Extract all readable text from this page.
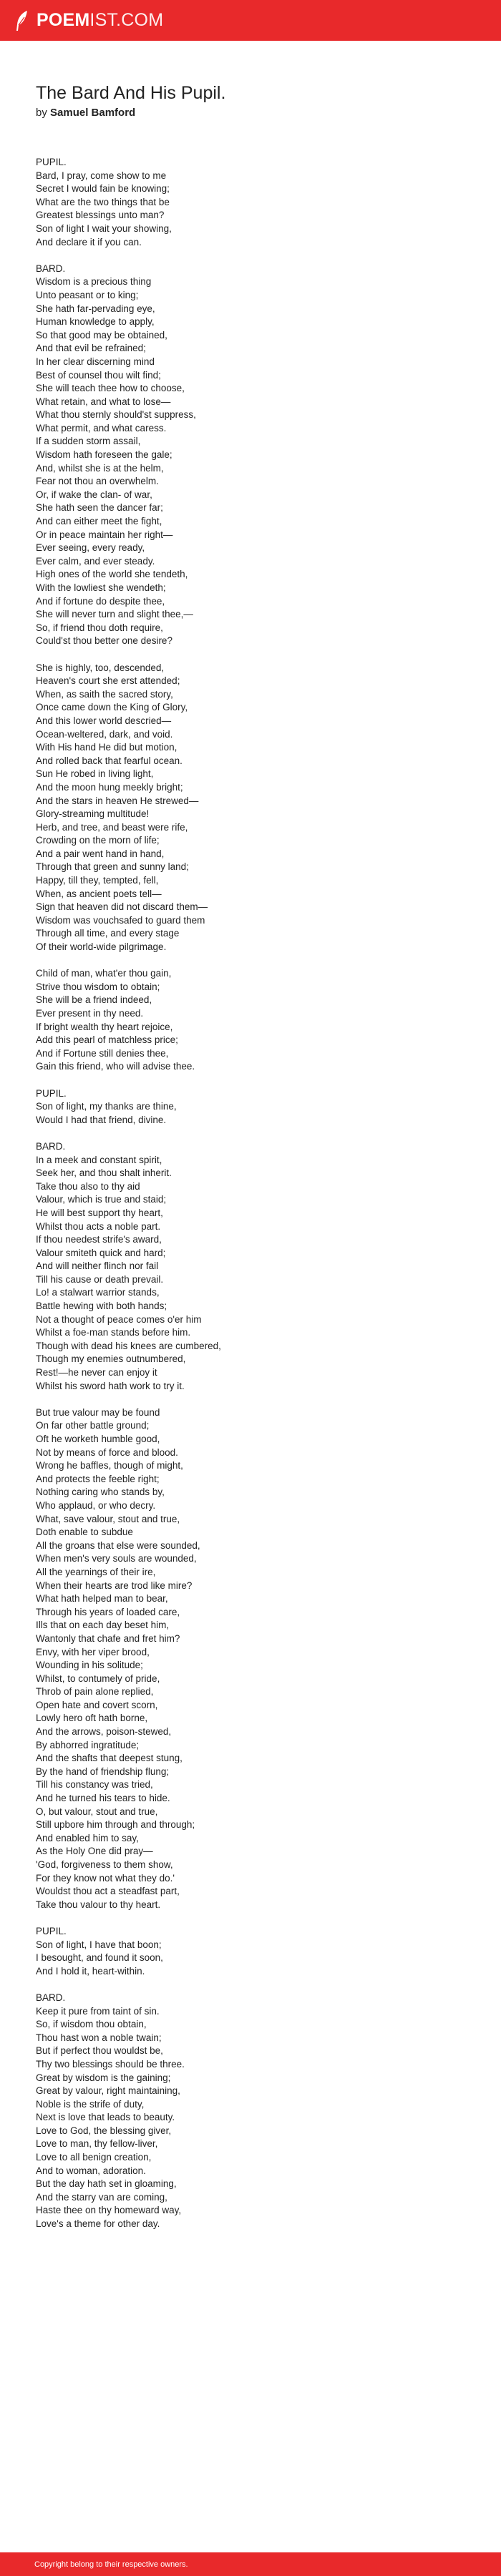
POEMIST.COM
The Bard And His Pupil.
by Samuel Bamford
PUPIL.
Bard, I pray, come show to me
Secret I would fain be knowing;
What are the two things that be
Greatest blessings unto man?
Son of light I wait your showing,
And declare it if you can.
BARD.
Wisdom is a precious thing
Unto peasant or to king;
She hath far-pervading eye,
Human knowledge to apply,
So that good may be obtained,
And that evil be refrained;
In her clear discerning mind
Best of counsel thou wilt find;
She will teach thee how to choose,
What retain, and what to lose—
What thou sternly should'st suppress,
What permit, and what caress.
If a sudden storm assail,
Wisdom hath foreseen the gale;
And, whilst she is at the helm,
Fear not thou an overwhelm.
Or, if wake the clan- of war,
She hath seen the dancer far;
And can either meet the fight,
Or in peace maintain her right—
Ever seeing, every ready,
Ever calm, and ever steady.
High ones of the world she tendeth,
With the lowliest she wendeth;
And if fortune do despite thee,
She will never turn and slight thee,—
So, if friend thou doth require,
Could'st thou better one desire?
She is highly, too, descended,
Heaven's court she erst attended;
When, as saith the sacred story,
Once came down the King of Glory,
And this lower world descried—
Ocean-weltered, dark, and void.
With His hand He did but motion,
And rolled back that fearful ocean.
Sun He robed in living light,
And the moon hung meekly bright;
And the stars in heaven He strewed—
Glory-streaming multitude!
Herb, and tree, and beast were rife,
Crowding on the morn of life;
And a pair went hand in hand,
Through that green and sunny land;
Happy, till they, tempted, fell,
When, as ancient poets tell—
Sign that heaven did not discard them—
Wisdom was vouchsafed to guard them
Through all time, and every stage
Of their world-wide pilgrimage.
Child of man, what'er thou gain,
Strive thou wisdom to obtain;
She will be a friend indeed,
Ever present in thy need.
If bright wealth thy heart rejoice,
Add this pearl of matchless price;
And if Fortune still denies thee,
Gain this friend, who will advise thee.
PUPIL.
Son of light, my thanks are thine,
Would I had that friend, divine.
BARD.
In a meek and constant spirit,
Seek her, and thou shalt inherit.
Take thou also to thy aid
Valour, which is true and staid;
He will best support thy heart,
Whilst thou acts a noble part.
If thou needest strife's award,
Valour smiteth quick and hard;
And will neither flinch nor fail
Till his cause or death prevail.
Lo! a stalwart warrior stands,
Battle hewing with both hands;
Not a thought of peace comes o'er him
Whilst a foe-man stands before him.
Though with dead his knees are cumbered,
Though my enemies outnumbered,
Rest!—he never can enjoy it
Whilst his sword hath work to try it.
But true valour may be found
On far other battle ground;
Oft he worketh humble good,
Not by means of force and blood.
Wrong he baffles, though of might,
And protects the feeble right;
Nothing caring who stands by,
Who applaud, or who decry.
What, save valour, stout and true,
Doth enable to subdue
All the groans that else were sounded,
When men's very souls are wounded,
All the yearnings of their ire,
When their hearts are trod like mire?
What hath helped man to bear,
Through his years of loaded care,
Ills that on each day beset him,
Wantonly that chafe and fret him?
Envy, with her viper brood,
Wounding in his solitude;
Whilst, to contumely of pride,
Throb of pain alone replied,
Open hate and covert scorn,
Lowly hero oft hath borne,
And the arrows, poison-stewed,
By abhorred ingratitude;
And the shafts that deepest stung,
By the hand of friendship flung;
Till his constancy was tried,
And he turned his tears to hide.
O, but valour, stout and true,
Still upbore him through and through;
And enabled him to say,
As the Holy One did pray—
'God, forgiveness to them show,
For they know not what they do.'
Wouldst thou act a steadfast part,
Take thou valour to thy heart.
PUPIL.
Son of light, I have that boon;
I besought, and found it soon,
And I hold it, heart-within.
BARD.
Keep it pure from taint of sin.
So, if wisdom thou obtain,
Thou hast won a noble twain;
But if perfect thou wouldst be,
Thy two blessings should be three.
Great by wisdom is the gaining;
Great by valour, right maintaining,
Noble is the strife of duty,
Next is love that leads to beauty.
Love to God, the blessing giver,
Love to man, thy fellow-liver,
Love to all benign creation,
And to woman, adoration.
But the day hath set in gloaming,
And the starry van are coming,
Haste thee on thy homeward way,
Love's a theme for other day.
Copyright belong to their respective owners.
